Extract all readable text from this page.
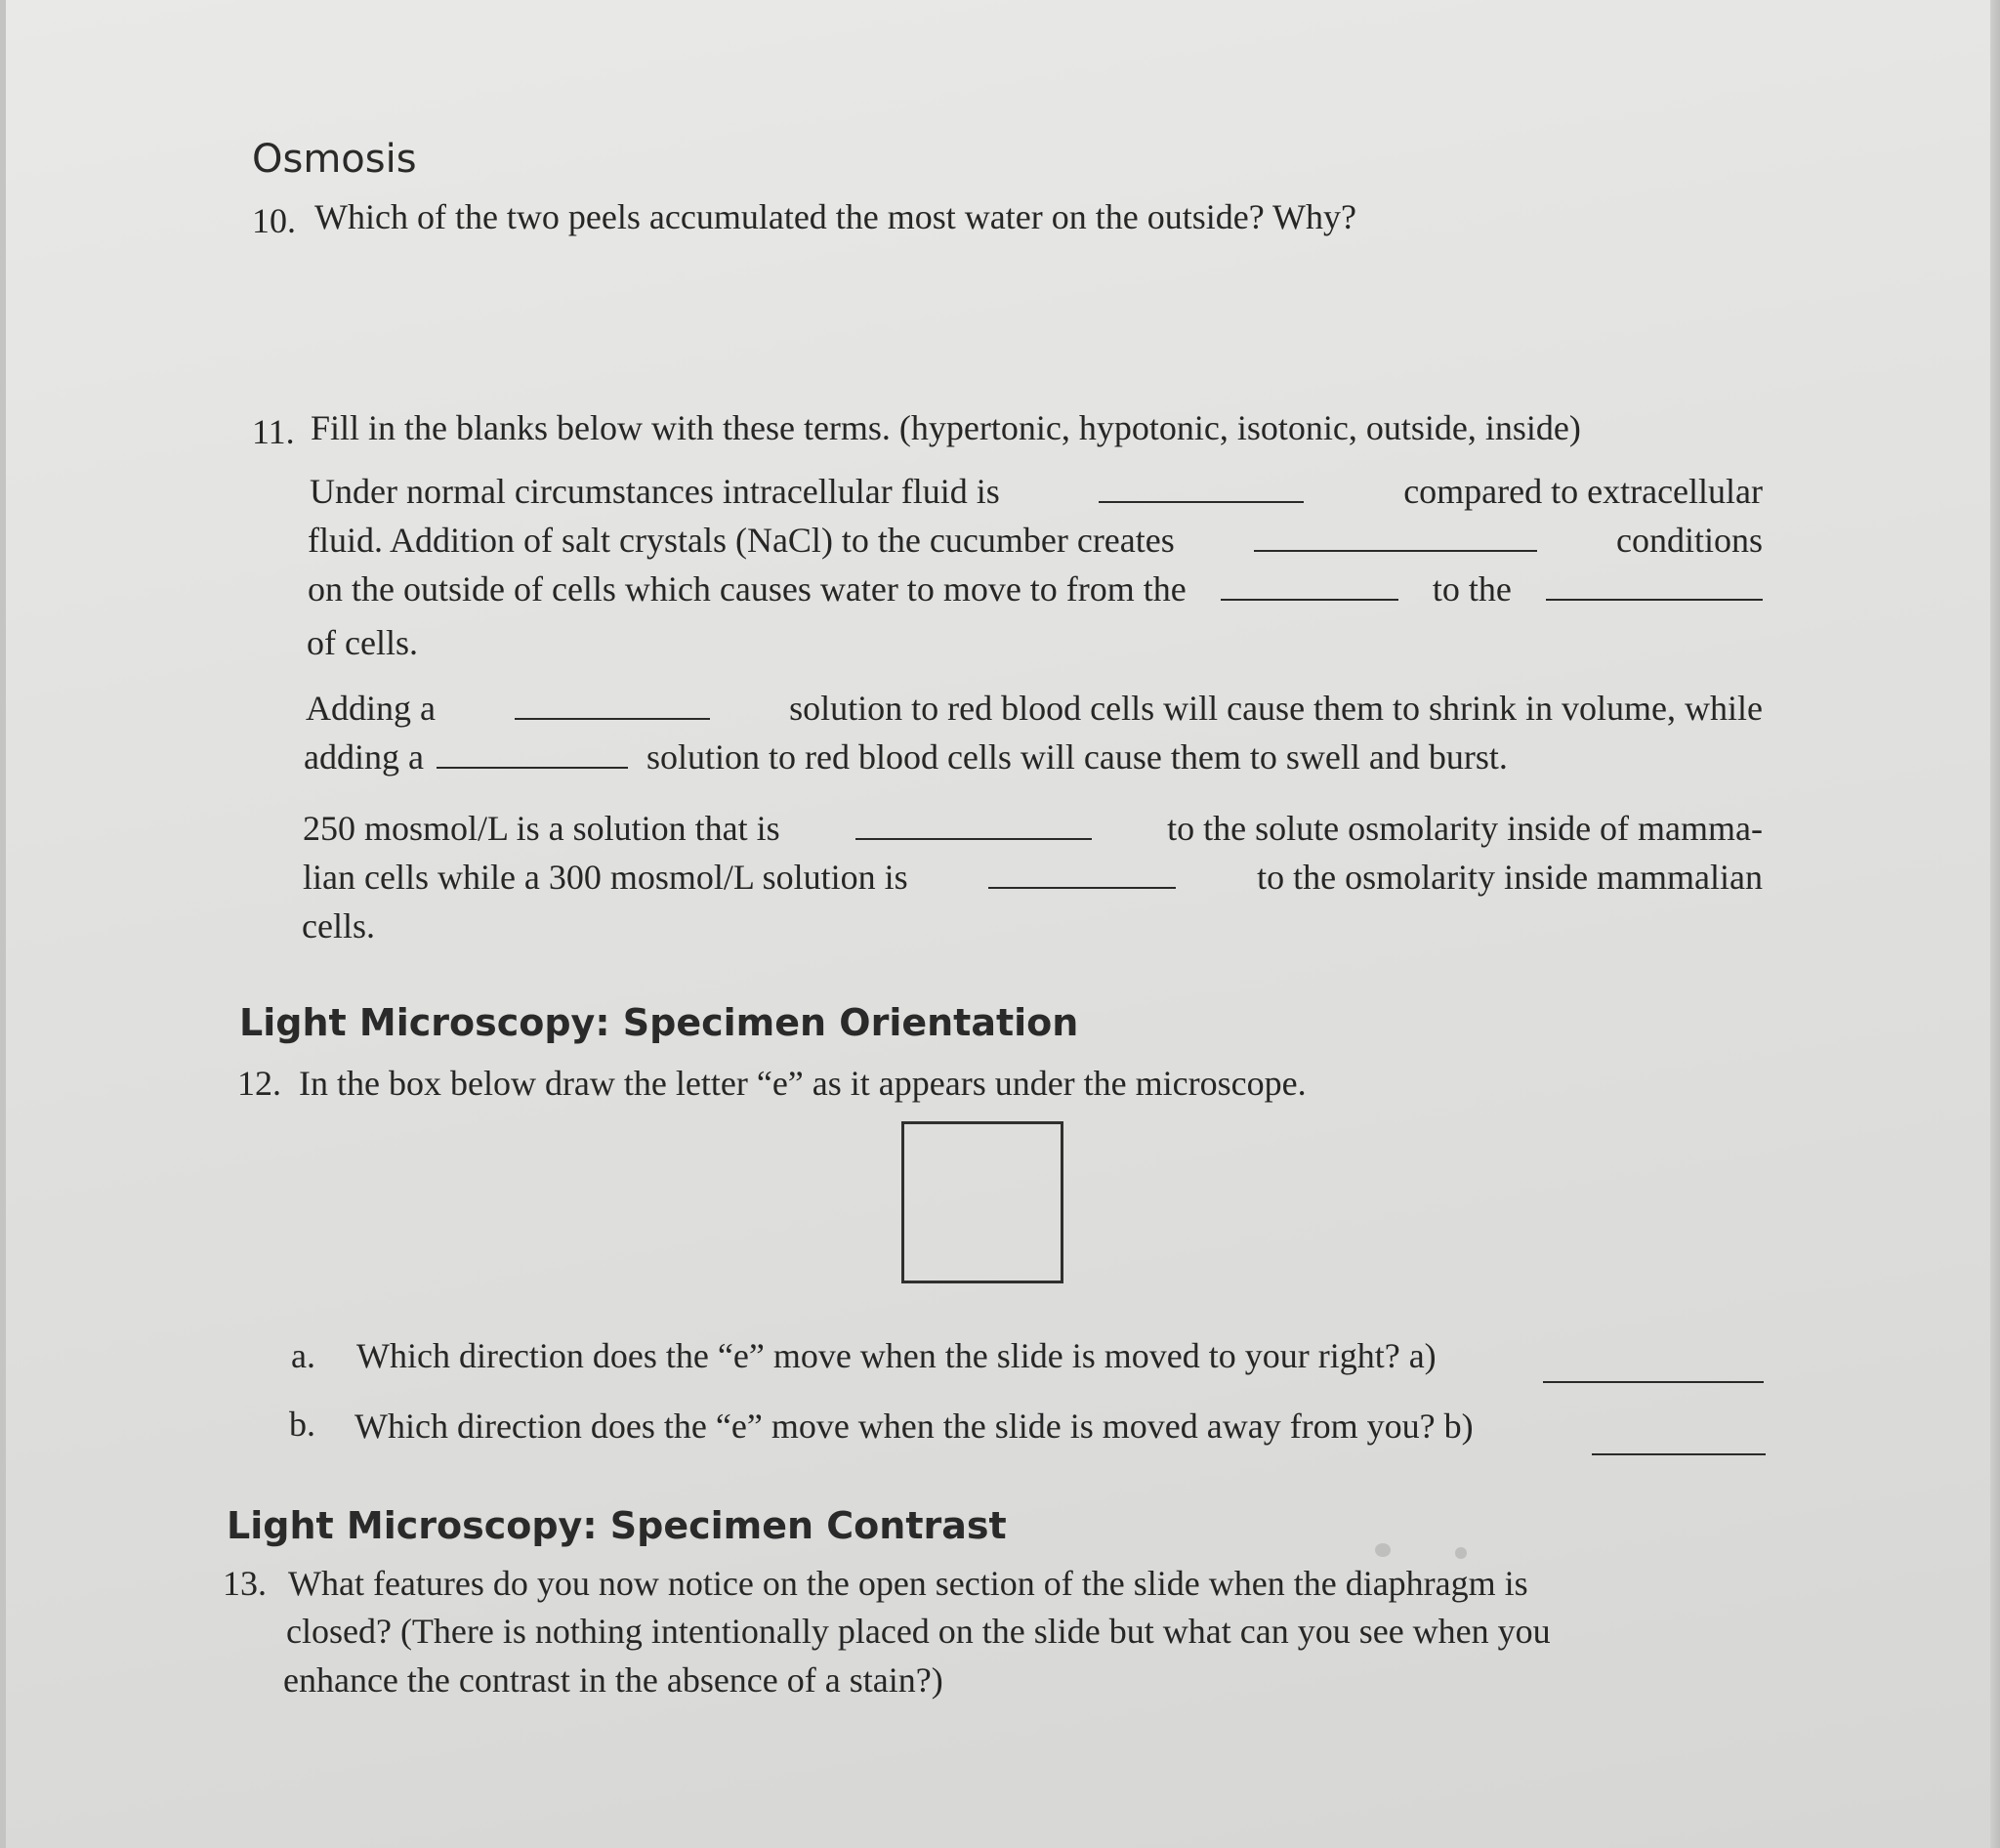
Osmosis
10. Which of the two peels accumulated the most water on the outside? Why?
11. Fill in the blanks below with these terms. (hypertonic, hypotonic, isotonic, outside, inside)
Under normal circumstances intracellular fluid is	compared to extracellular
fluid. Addition of salt crystals (NaCl) to the cucumber creates	conditions
on the outside of cells which causes water to move to from the	to the
of cells.
Adding a	solution to red blood cells will cause them to shrink in volume, while
adding a	solution to red blood cells will cause them to swell and burst.
250 mosmol/L is a solution that is	to the solute osmolarity inside of mamma-
lian cells while a 300 mosmol/L solution is	to the osmolarity inside mammalian
cells.
Light Microscopy: Specimen Orientation
12. In the box below draw the letter “e” as it appears under the microscope.
a. Which direction does the “e” move when the slide is moved to your right? a)
b. Which direction does the “e” move when the slide is moved away from you? b)
Light Microscopy: Specimen Contrast
13. What features do you now notice on the open section of the slide when the diaphragm is
closed? (There is nothing intentionally placed on the slide but what can you see when you
enhance the contrast in the absence of a stain?)
